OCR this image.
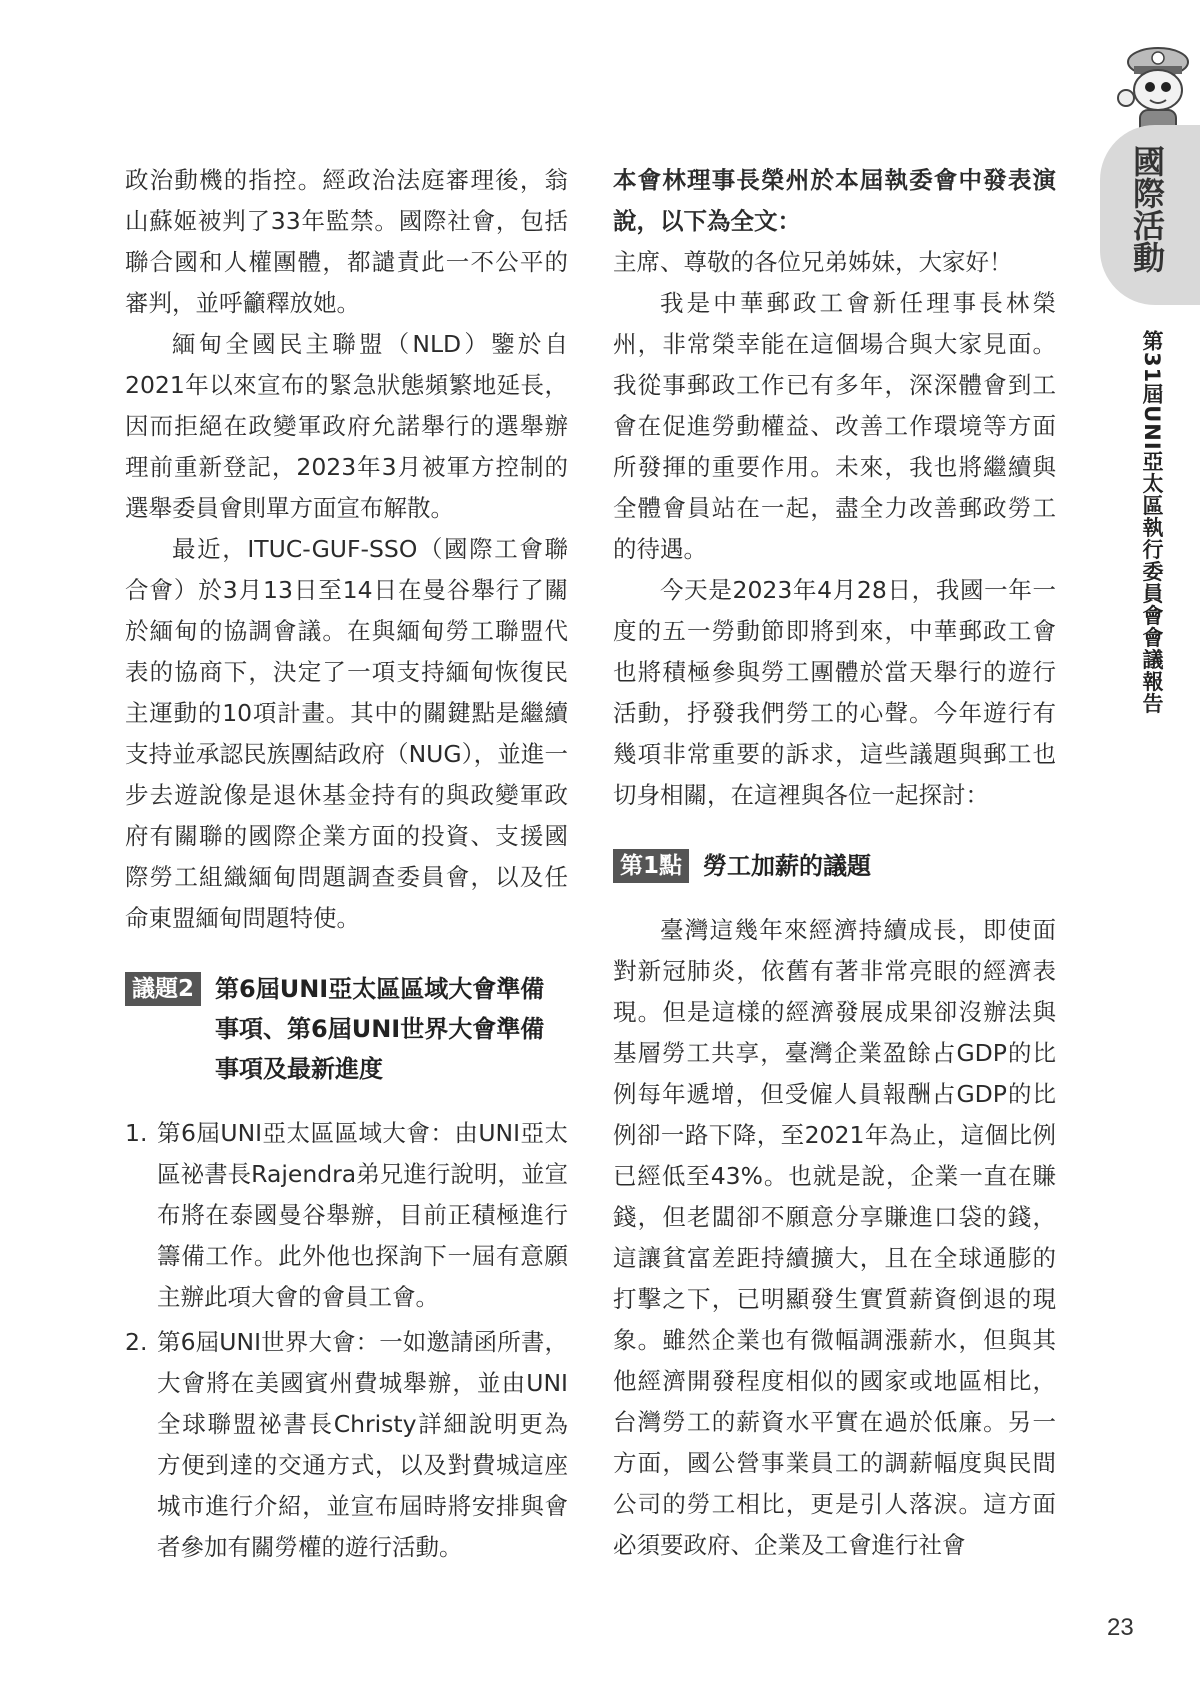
國際活動
第31屆UNI亞太區執行委員會會議報告

政治動機的指控。經政治法庭審理後，翁山蘇姬被判了33年監禁。國際社會，包括聯合國和人權團體，都譴責此一不公平的審判，並呼籲釋放她。

緬甸全國民主聯盟（NLD）鑒於自2021年以來宣布的緊急狀態頻繁地延長，因而拒絕在政變軍政府允諾舉行的選舉辦理前重新登記，2023年3月被軍方控制的選舉委員會則單方面宣布解散。

最近，ITUC-GUF-SSO（國際工會聯合會）於3月13日至14日在曼谷舉行了關於緬甸的協調會議。在與緬甸勞工聯盟代表的協商下，決定了一項支持緬甸恢復民主運動的10項計畫。其中的關鍵點是繼續支持並承認民族團結政府（NUG），並進一步去遊說像是退休基金持有的與政變軍政府有關聯的國際企業方面的投資、支援國際勞工組織緬甸問題調查委員會，以及任命東盟緬甸問題特使。

議題2 第6屆UNI亞太區區域大會準備事項、第6屆UNI世界大會準備事項及最新進度
1. 第6屆UNI亞太區區域大會：由UNI亞太區祕書長Rajendra弟兄進行說明，並宣布將在泰國曼谷舉辦，目前正積極進行籌備工作。此外他也探詢下一屆有意願主辦此項大會的會員工會。
2. 第6屆UNI世界大會：一如邀請函所書，大會將在美國賓州費城舉辦，並由UNI全球聯盟祕書長Christy詳細說明更為方便到達的交通方式，以及對費城這座城市進行介紹，並宣布屆時將安排與會者參加有關勞權的遊行活動。

本會林理事長榮州於本屆執委會中發表演說，以下為全文：

主席、尊敬的各位兄弟姊妹，大家好！

我是中華郵政工會新任理事長林榮州，非常榮幸能在這個場合與大家見面。我從事郵政工作已有多年，深深體會到工會在促進勞動權益、改善工作環境等方面所發揮的重要作用。未來，我也將繼續與全體會員站在一起，盡全力改善郵政勞工的待遇。

今天是2023年4月28日，我國一年一度的五一勞動節即將到來，中華郵政工會也將積極參與勞工團體於當天舉行的遊行活動，抒發我們勞工的心聲。今年遊行有幾項非常重要的訴求，這些議題與郵工也切身相關，在這裡與各位一起探討：

第1點 勞工加薪的議題

臺灣這幾年來經濟持續成長，即使面對新冠肺炎，依舊有著非常亮眼的經濟表現。但是這樣的經濟發展成果卻沒辦法與基層勞工共享，臺灣企業盈餘占GDP的比例每年遞增，但受僱人員報酬占GDP的比例卻一路下降，至2021年為止，這個比例已經低至43%。也就是說，企業一直在賺錢，但老闆卻不願意分享賺進口袋的錢，這讓貧富差距持續擴大，且在全球通膨的打擊之下，已明顯發生實質薪資倒退的現象。雖然企業也有微幅調漲薪水，但與其他經濟開發程度相似的國家或地區相比，台灣勞工的薪資水平實在過於低廉。另一方面，國公營事業員工的調薪幅度與民間公司的勞工相比，更是引人落淚。這方面必須要政府、企業及工會進行社會

23
